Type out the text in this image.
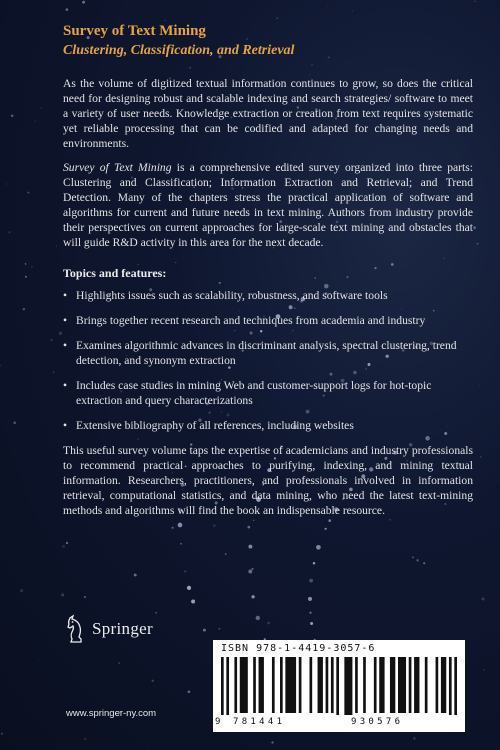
Survey of Text Mining
Clustering, Classification, and Retrieval

As the volume of digitized textual information continues to grow, so does the critical need for designing robust and scalable indexing and search strategies/ software to meet a variety of user needs. Knowledge extraction or creation from text requires systematic yet reliable processing that can be codified and adapted for changing needs and environments.

Survey of Text Mining is a comprehensive edited survey organized into three parts: Clustering and Classification; Information Extraction and Retrieval; and Trend Detection. Many of the chapters stress the practical application of software and algorithms for current and future needs in text mining. Authors from industry provide their perspectives on current approaches for large-scale text mining and obstacles that will guide R&D activity in this area for the next decade.

Topics and features:

• Highlights issues such as scalability, robustness, and software tools
• Brings together recent research and techniques from academia and industry
• Examines algorithmic advances in discriminant analysis, spectral clustering, trend detection, and synonym extraction
• Includes case studies in mining Web and customer-support logs for hot-topic extraction and query characterizations
• Extensive bibliography of all references, including websites

This useful survey volume taps the expertise of academicians and industry professionals to recommend practical approaches to purifying, indexing, and mining textual information. Researchers, practitioners, and professionals involved in information retrieval, computational statistics, and data mining, who need the latest text-mining methods and algorithms will find the book an indispensable resource.

Springer
www.springer-ny.com
ISBN 978-1-4419-3057-6
9 781441	930576
